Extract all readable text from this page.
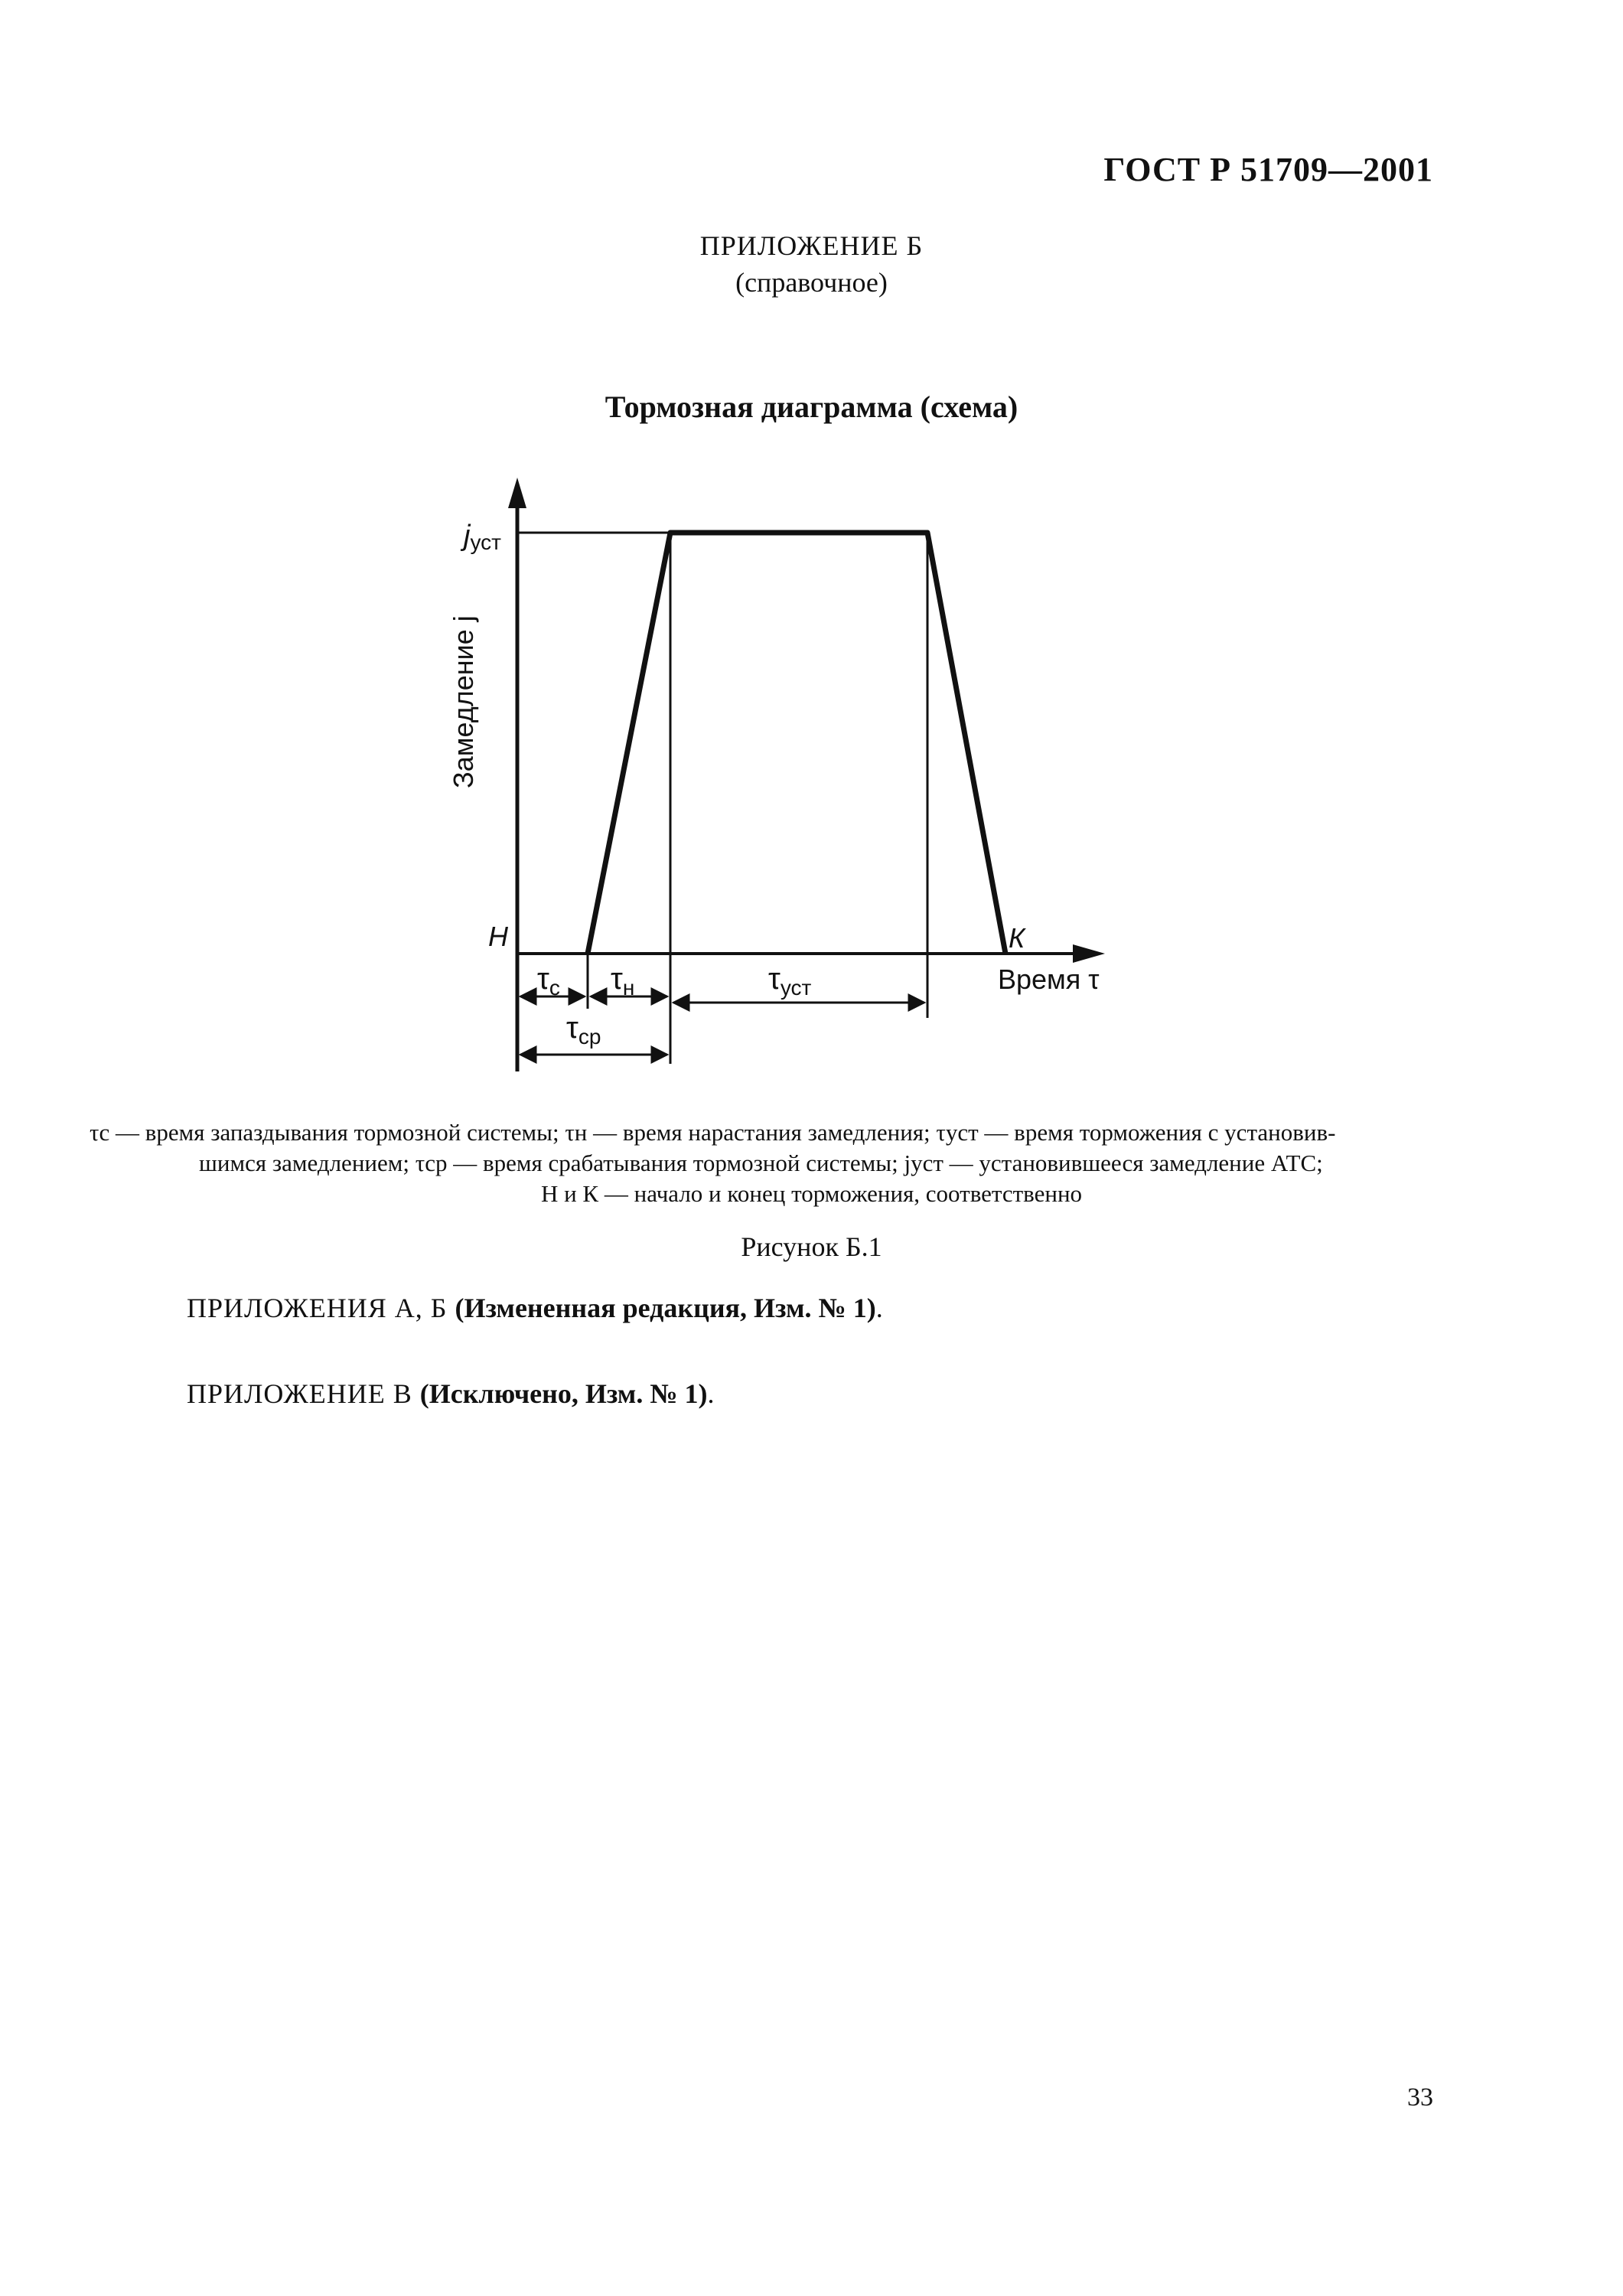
ГОСТ Р 51709—2001
ПРИЛОЖЕНИЕ Б
(справочное)
Тормозная диаграмма (схема)
Замедление j
jуст
Н	К
Время τ
$\tau_с$ $\tau_н$	$\tau_{уст}$
$\tau_{ср}$
τс — время запаздывания тормозной системы; τн — время нарастания замедления; τуст — время торможения с установив-
шимся замедлением; τср — время срабатывания тормозной системы; jуст — установившееся замедление АТС;
Н и К — начало и конец торможения, соответственно
Рисунок Б.1
ПРИЛОЖЕНИЯ А, Б (Измененная редакция, Изм. № 1).
ПРИЛОЖЕНИЕ В (Исключено, Изм. № 1).
33
